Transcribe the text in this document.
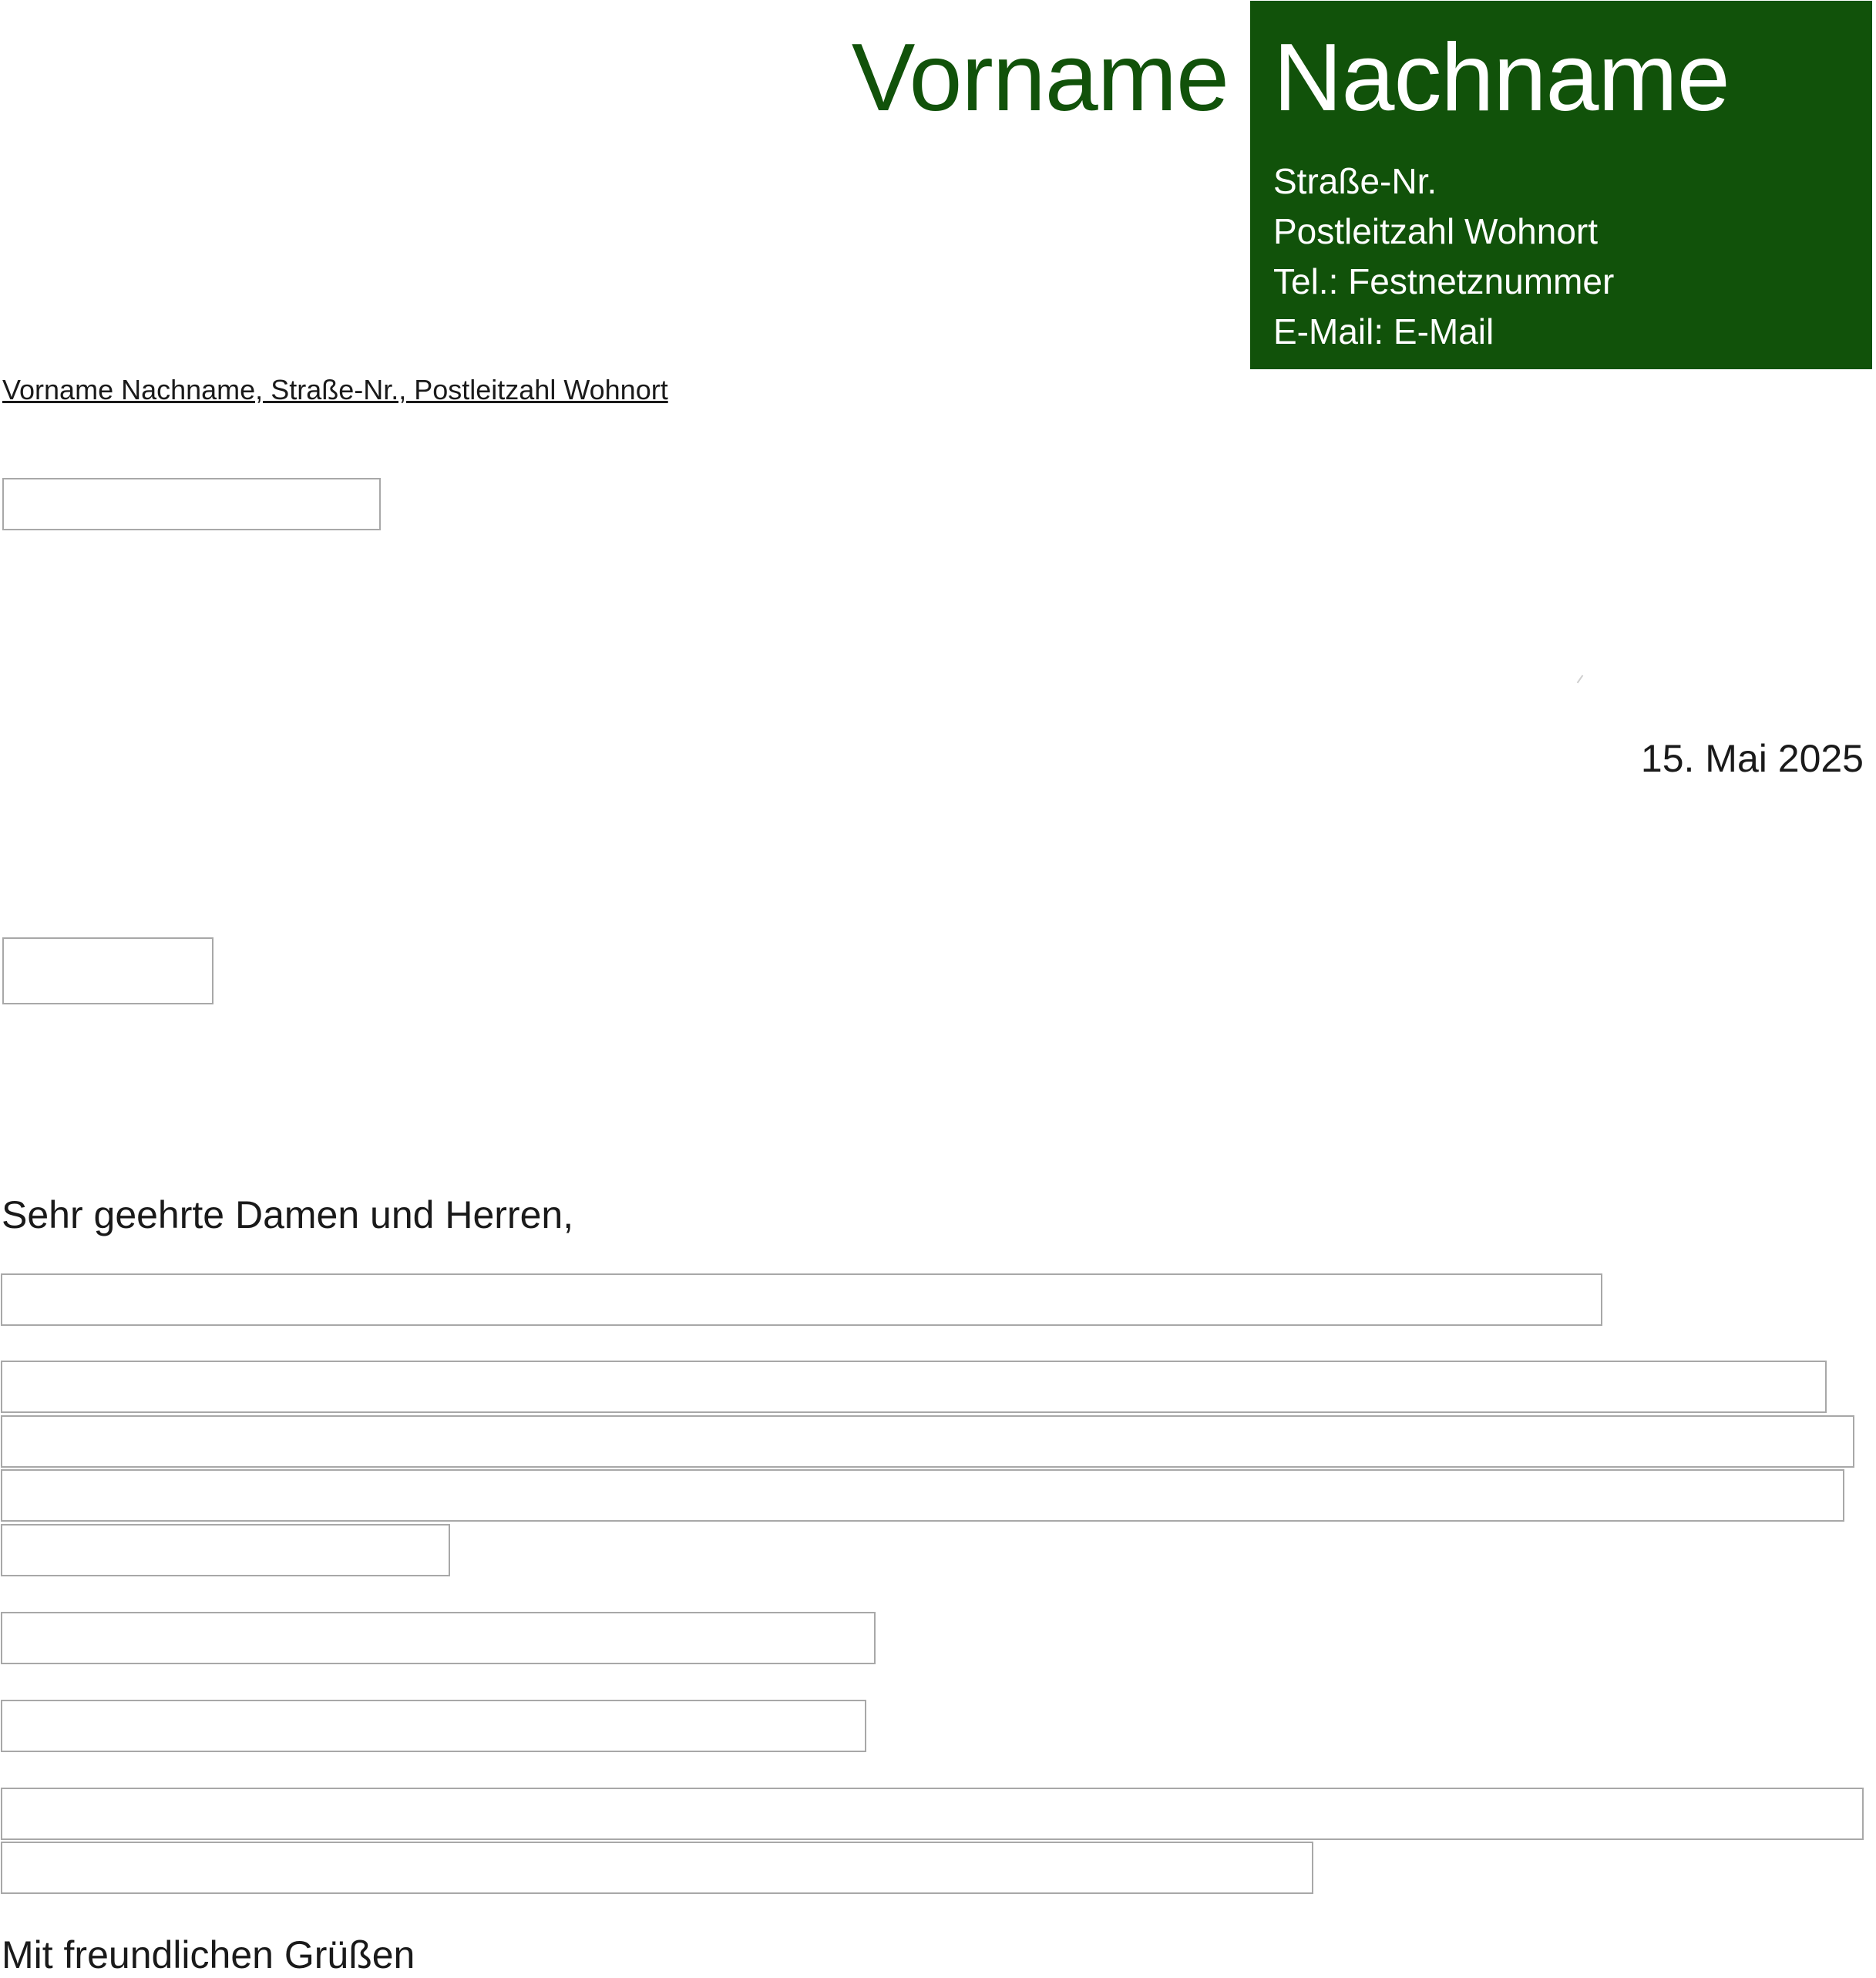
Vorname Nachname
Straße-Nr.
Postleitzahl Wohnort
Tel.: Festnetznummer
E-Mail: E-Mail
Vorname Nachname, Straße-Nr., Postleitzahl Wohnort
15. Mai 2025
Sehr geehrte Damen und Herren,
Mit freundlichen Grüßen
